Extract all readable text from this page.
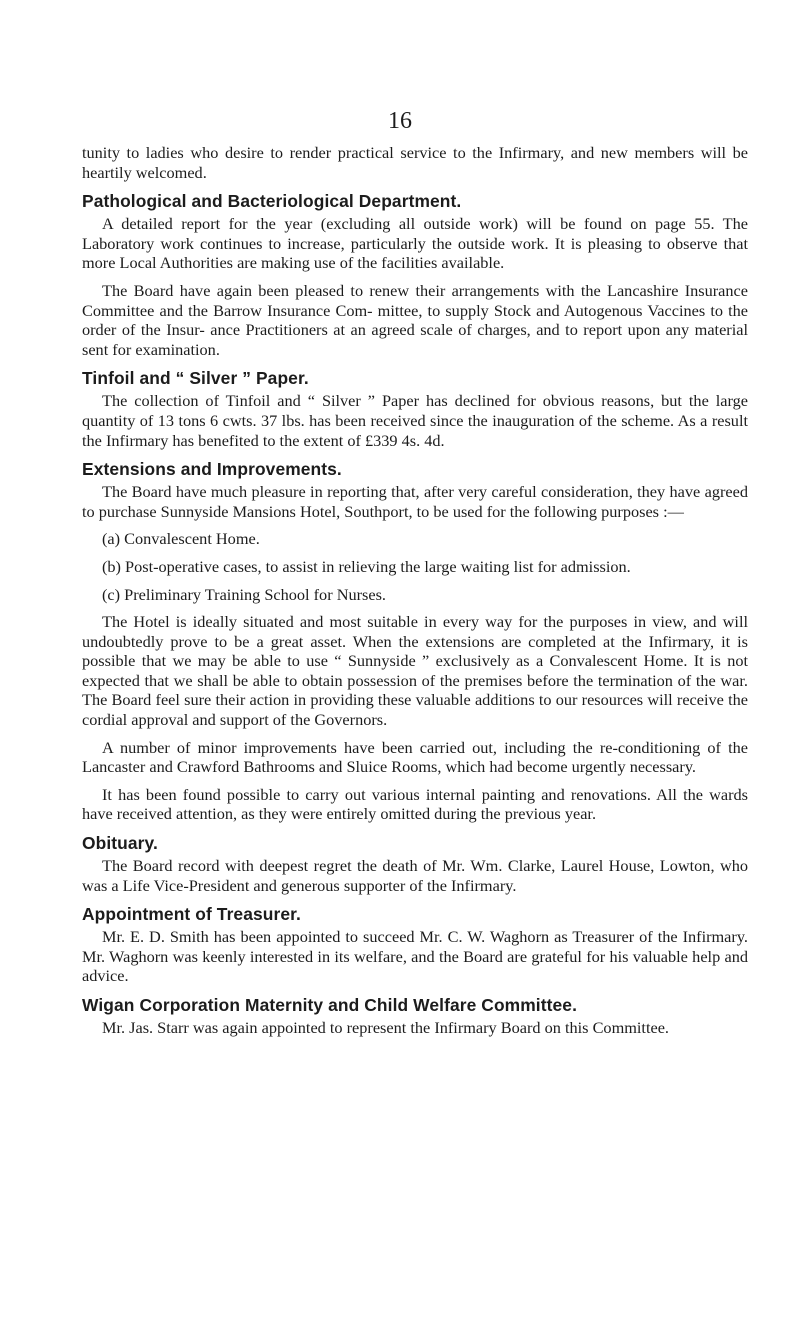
16

tunity to ladies who desire to render practical service to the Infirmary, and new members will be heartily welcomed.

Pathological and Bacteriological Department.

A detailed report for the year (excluding all outside work) will be found on page 55. The Laboratory work continues to increase, particularly the outside work. It is pleasing to observe that more Local Authorities are making use of the facilities available.

The Board have again been pleased to renew their arrangements with the Lancashire Insurance Committee and the Barrow Insurance Com- mittee, to supply Stock and Autogenous Vaccines to the order of the Insur- ance Practitioners at an agreed scale of charges, and to report upon any material sent for examination.

Tinfoil and “ Silver ” Paper.

The collection of Tinfoil and “ Silver ” Paper has declined for obvious reasons, but the large quantity of 13 tons 6 cwts. 37 lbs. has been received since the inauguration of the scheme. As a result the Infirmary has benefited to the extent of £339 4s. 4d.

Extensions and Improvements.

The Board have much pleasure in reporting that, after very careful consideration, they have agreed to purchase Sunnyside Mansions Hotel, Southport, to be used for the following purposes :—

(a) Convalescent Home.

(b) Post-operative cases, to assist in relieving the large waiting list for admission.

(c) Preliminary Training School for Nurses.

The Hotel is ideally situated and most suitable in every way for the purposes in view, and will undoubtedly prove to be a great asset. When the extensions are completed at the Infirmary, it is possible that we may be able to use “ Sunnyside ” exclusively as a Convalescent Home. It is not expected that we shall be able to obtain possession of the premises before the termination of the war. The Board feel sure their action in providing these valuable additions to our resources will receive the cordial approval and support of the Governors.

A number of minor improvements have been carried out, including the re-conditioning of the Lancaster and Crawford Bathrooms and Sluice Rooms, which had become urgently necessary.

It has been found possible to carry out various internal painting and renovations. All the wards have received attention, as they were entirely omitted during the previous year.

Obituary.

The Board record with deepest regret the death of Mr. Wm. Clarke, Laurel House, Lowton, who was a Life Vice-President and generous supporter of the Infirmary.

Appointment of Treasurer.

Mr. E. D. Smith has been appointed to succeed Mr. C. W. Waghorn as Treasurer of the Infirmary. Mr. Waghorn was keenly interested in its welfare, and the Board are grateful for his valuable help and advice.

Wigan Corporation Maternity and Child Welfare Committee.

Mr. Jas. Starr was again appointed to represent the Infirmary Board on this Committee.
